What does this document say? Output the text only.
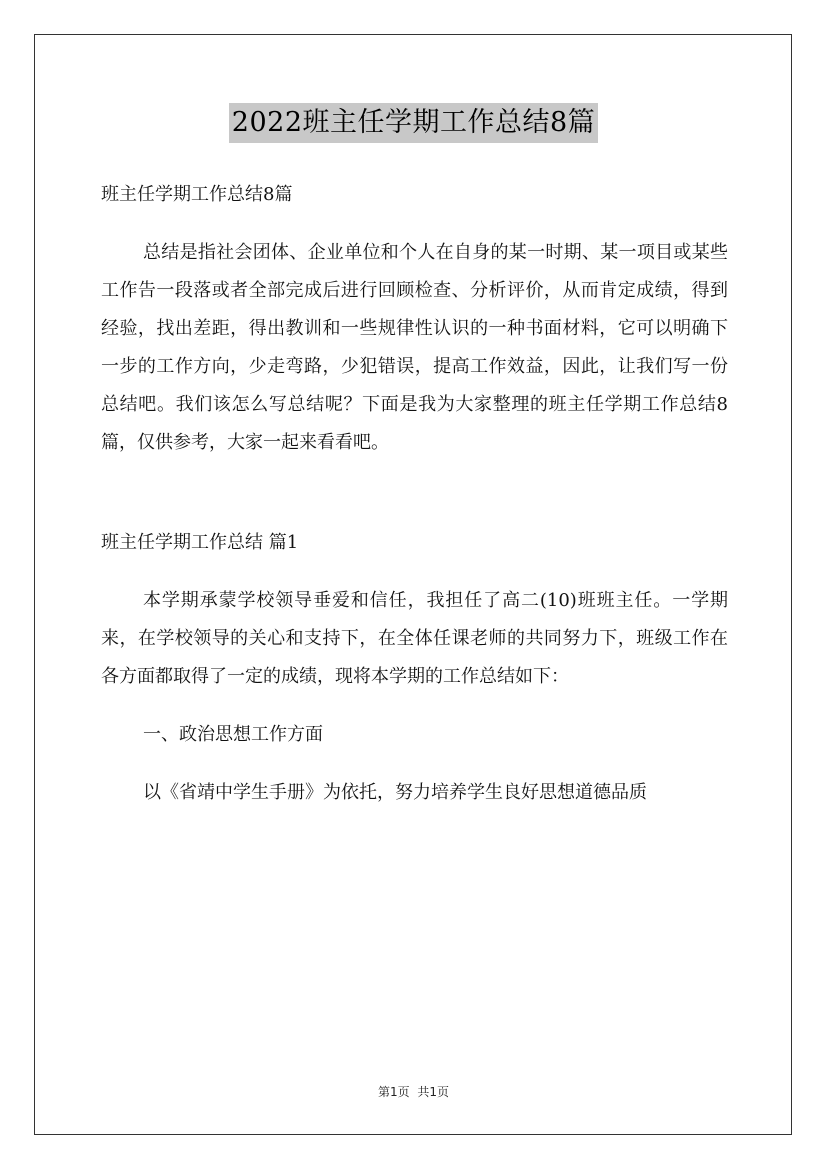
2022班主任学期工作总结8篇

班主任学期工作总结8篇

总结是指社会团体、企业单位和个人在自身的某一时期、某一项目或某些工作告一段落或者全部完成后进行回顾检查、分析评价，从而肯定成绩，得到经验，找出差距，得出教训和一些规律性认识的一种书面材料，它可以明确下一步的工作方向，少走弯路，少犯错误，提高工作效益，因此，让我们写一份总结吧。我们该怎么写总结呢？下面是我为大家整理的班主任学期工作总结8篇，仅供参考，大家一起来看看吧。

班主任学期工作总结 篇1

本学期承蒙学校领导垂爱和信任，我担任了高二(10)班班主任。一学期来，在学校领导的关心和支持下，在全体任课老师的共同努力下，班级工作在各方面都取得了一定的成绩，现将本学期的工作总结如下：

一、政治思想工作方面

以《省靖中学生手册》为依托，努力培养学生良好思想道德品质

第1页 共1页
